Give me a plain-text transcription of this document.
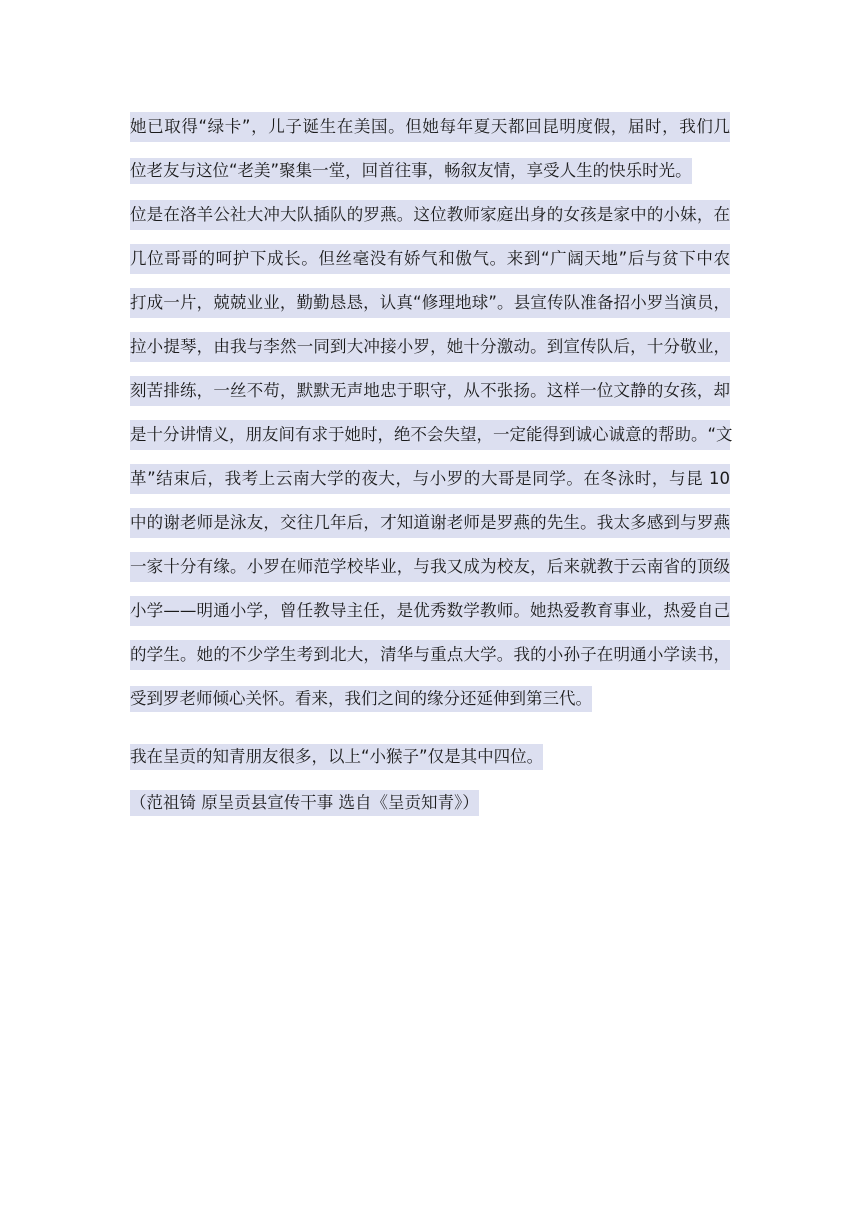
她已取得“绿卡”，儿子诞生在美国。但她每年夏天都回昆明度假，届时，我们几
位老友与这位“老美”聚集一堂，回首往事，畅叙友情，享受人生的快乐时光。
位是在洛羊公社大冲大队插队的罗燕。这位教师家庭出身的女孩是家中的小妹，在
几位哥哥的呵护下成长。但丝毫没有娇气和傲气。来到“广阔天地”后与贫下中农
打成一片，兢兢业业，勤勤恳恳，认真“修理地球”。县宣传队准备招小罗当演员，
拉小提琴，由我与李然一同到大冲接小罗，她十分激动。到宣传队后，十分敬业，
刻苦排练，一丝不苟，默默无声地忠于职守，从不张扬。这样一位文静的女孩，却
是十分讲情义，朋友间有求于她时，绝不会失望，一定能得到诚心诚意的帮助。“文
革”结束后，我考上云南大学的夜大，与小罗的大哥是同学。在冬泳时，与昆 10
中的谢老师是泳友，交往几年后，才知道谢老师是罗燕的先生。我太多感到与罗燕
一家十分有缘。小罗在师范学校毕业，与我又成为校友，后来就教于云南省的顶级
小学——明通小学，曾任教导主任，是优秀数学教师。她热爱教育事业，热爱自己
的学生。她的不少学生考到北大，清华与重点大学。我的小孙子在明通小学读书，
受到罗老师倾心关怀。看来，我们之间的缘分还延伸到第三代。
我在呈贡的知青朋友很多，以上“小猴子”仅是其中四位。
（范祖锜 原呈贡县宣传干事 选自《呈贡知青》）
